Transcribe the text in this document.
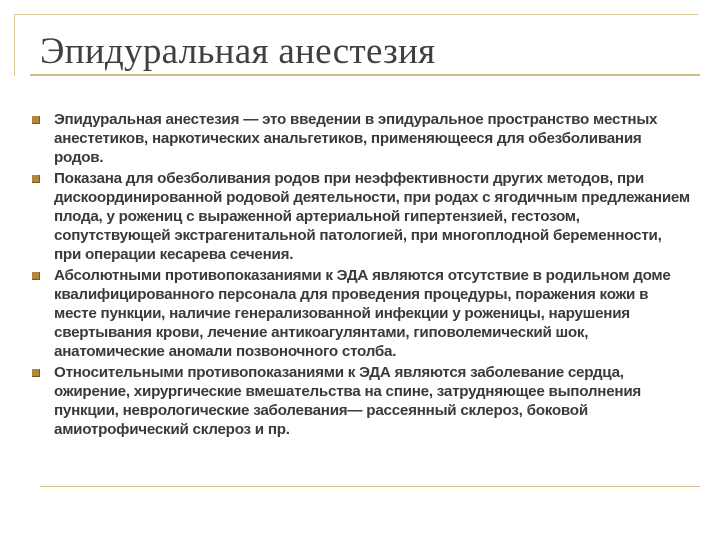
Эпидуральная анестезия
Эпидуральная анестезия — это введении в эпидуральное пространство местных анестетиков, наркотических анальгетиков, применяющееся для обезболивания родов.
Показана для обезболивания родов при неэффективности других методов, при дискоординированной родовой деятельности, при родах с ягодичным предлежанием плода, у рожениц с выраженной артериальной гипертензией, гестозом, сопутствующей экстрагенитальной патологией, при многоплодной беременности, при операции кесарева сечения.
Абсолютными противопоказаниями к ЭДА являются отсутствие в родильном доме квалифицированного персонала для проведения процедуры, поражения кожи в месте пункции, наличие генерализованной инфекции у роженицы, нарушения свертывания крови, лечение антикоагулянтами, гиповолемический шок, анатомические аномали позвоночного столба.
Относительными противопоказаниями к ЭДА являются заболевание сердца, ожирение, хирургические вмешательства на спине, затрудняющее выполнения пункции, неврологические заболевания— рассеянный склероз, боковой амиотрофический склероз и пр.
